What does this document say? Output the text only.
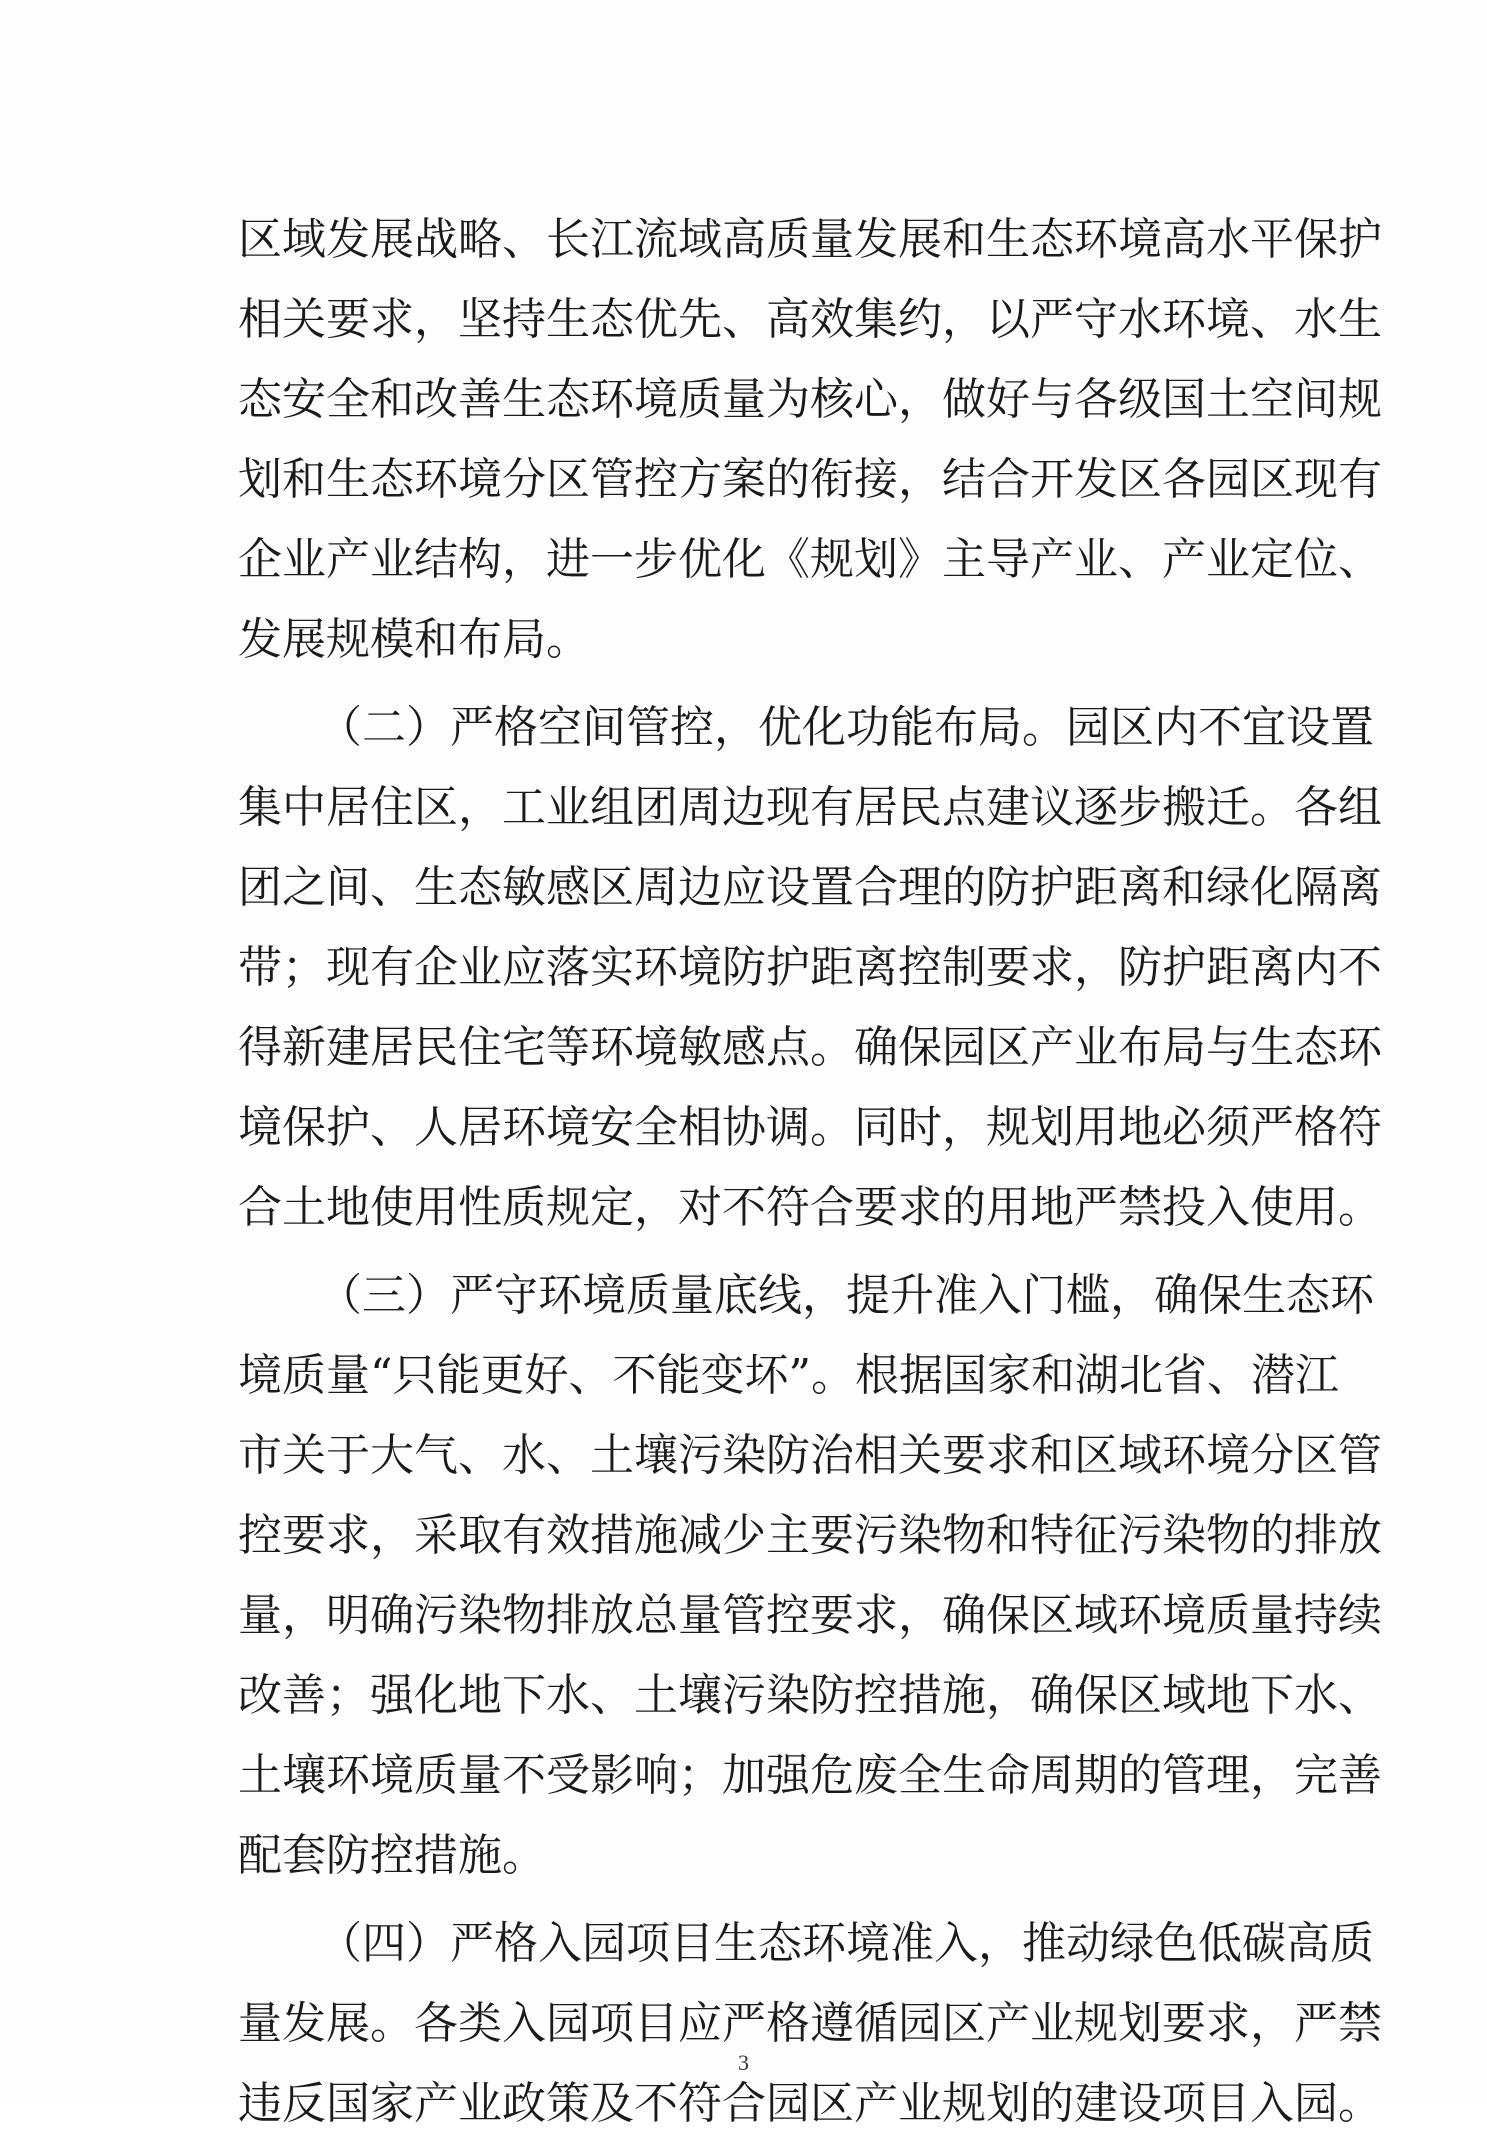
区域发展战略、长江流域高质量发展和生态环境高水平保护
相关要求，坚持生态优先、高效集约，以严守水环境、水生
态安全和改善生态环境质量为核心，做好与各级国土空间规
划和生态环境分区管控方案的衔接，结合开发区各园区现有
企业产业结构，进一步优化《规划》主导产业、产业定位、
发展规模和布局。
（二）严格空间管控，优化功能布局。园区内不宜设置
集中居住区，工业组团周边现有居民点建议逐步搬迁。各组
团之间、生态敏感区周边应设置合理的防护距离和绿化隔离
带；现有企业应落实环境防护距离控制要求，防护距离内不
得新建居民住宅等环境敏感点。确保园区产业布局与生态环
境保护、人居环境安全相协调。同时，规划用地必须严格符
合土地使用性质规定，对不符合要求的用地严禁投入使用。
（三）严守环境质量底线，提升准入门槛，确保生态环
境质量“只能更好、不能变坏”。根据国家和湖北省、潜江
市关于大气、水、土壤污染防治相关要求和区域环境分区管
控要求，采取有效措施减少主要污染物和特征污染物的排放
量，明确污染物排放总量管控要求，确保区域环境质量持续
改善；强化地下水、土壤污染防控措施，确保区域地下水、
土壤环境质量不受影响；加强危废全生命周期的管理，完善
配套防控措施。
（四）严格入园项目生态环境准入，推动绿色低碳高质
量发展。各类入园项目应严格遵循园区产业规划要求，严禁
违反国家产业政策及不符合园区产业规划的建设项目入园。
3
